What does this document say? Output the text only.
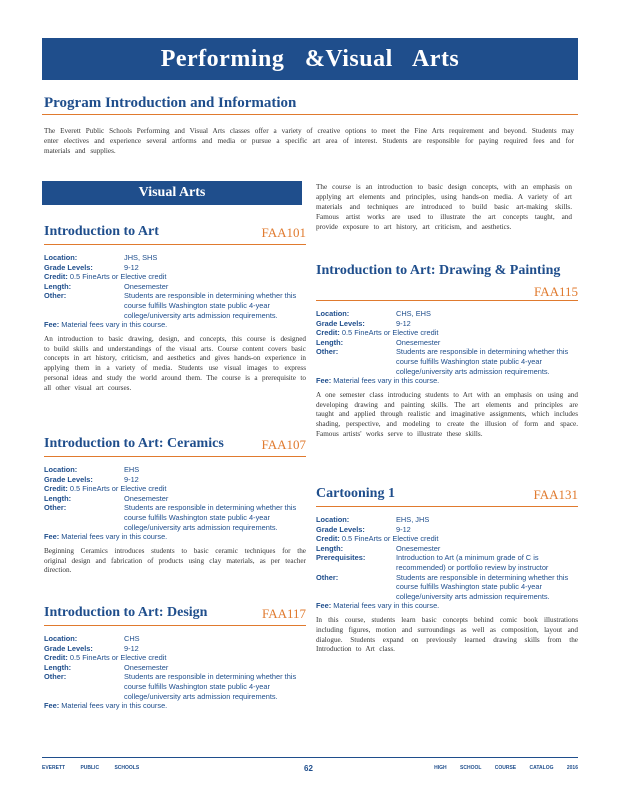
Performing &Visual Arts
Program Introduction and Information
The Everett Public Schools Performing and Visual Arts classes offer a variety of creative options to meet the Fine Arts requirement and beyond. Students may enter electives and experience several artforms and media or pursue a specific art area of interest. Students are responsible for paying required fees and for materials and supplies.
Visual Arts
Introduction to Art	FAA101
Location:	JHS, SHS
Grade Levels:	9-12
Credit: 0.5 FineArts or Elective credit
Length:	Onesemester
Other:	Students are responsible in determining whether this course fulfills Washington state public 4-year college/university arts admission requirements.
Fee: Material fees vary in this course.
An introduction to basic drawing, design, and concepts, this course is designed to build skills and understandings of the visual arts. Course content covers basic concepts in art history, criticism, and aesthetics and gives hands-on experience in applying them in a variety of media. Students use visual images to express personal ideas and study the world around them. The course is a prerequisite to all other visual art courses.
Introduction to Art: Ceramics	FAA107
Location:	EHS
Grade Levels:	9-12
Credit: 0.5 FineArts or Elective credit
Length:	Onesemester
Other:	Students are responsible in determining whether this course fulfills Washington state public 4-year college/university arts admission requirements.
Fee: Material fees vary in this course.
Beginning Ceramics introduces students to basic ceramic techniques for the original design and fabrication of products using clay materials, as per teacher direction.
Introduction to Art: Design	FAA117
Location:	CHS
Grade Levels:	9-12
Credit: 0.5 FineArts or Elective credit
Length:	Onesemester
Other:	Students are responsible in determining whether this course fulfills Washington state public 4-year college/university arts admission requirements.
Fee: Material fees vary in this course.
The course is an introduction to basic design concepts, with an emphasis on applying art elements and principles, using hands-on media. A variety of art materials and techniques are introduced to build basic art-making skills. Famous artist works are used to illustrate the art concepts taught, and provide exposure to art history, art criticism, and aesthetics.
Introduction to Art: Drawing & Painting
FAA115
Location:	CHS, EHS
Grade Levels:	9-12
Credit: 0.5 FineArts or Elective credit
Length:	Onesemester
Other:	Students are responsible in determining whether this course fulfills Washington state public 4-year college/university arts admission requirements.
Fee: Material fees vary in this course.
A one semester class introducing students to Art with an emphasis on using and developing drawing and painting skills. The art elements and principles are taught and applied through realistic and imaginative assignments, which includes shading, perspective, and modeling to create the illusion of form and space. Famous artists' works serve to illustrate these skills.
Cartooning 1	FAA131
Location:	EHS, JHS
Grade Levels:	9-12
Credit: 0.5 FineArts or Elective credit
Length:	Onesemester
Prerequisites:	Introduction to Art (a minimum grade of C is recommended) or portfolio review by instructor
Other:	Students are responsible in determining whether this course fulfills Washington state public 4-year college/university arts admission requirements.
Fee: Material fees vary in this course.
In this course, students learn basic concepts behind comic book illustrations including figures, motion and surroundings as well as composition, layout and dialogue. Students expand on previously learned drawing skills from the Introduction to Art class.
EVERETT PUBLIC SCHOOLS	62	HIGH SCHOOL COURSE CATALOG 2016
